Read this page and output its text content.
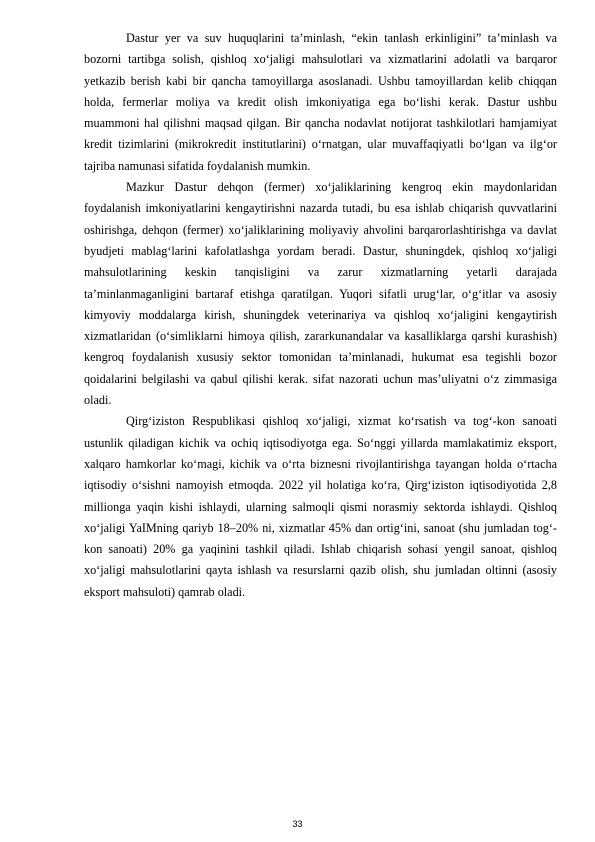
Dastur yer va suv huquqlarini ta’minlash, “ekin tanlash erkinligini” ta’minlash va bozorni tartibga solish, qishloq xo‘jaligi mahsulotlari va xizmatlarini adolatli va barqaror yetkazib berish kabi bir qancha tamoyillarga asoslanadi. Ushbu tamoyillardan kelib chiqqan holda, fermerlar moliya va kredit olish imkoniyatiga ega bo‘lishi kerak. Dastur ushbu muammoni hal qilishni maqsad qilgan. Bir qancha nodavlat notijorat tashkilotlari hamjamiyat kredit tizimlarini (mikrokredit institutlarini) o‘rnatgan, ular muvaffaqiyatli bo‘lgan va ilg‘or tajriba namunasi sifatida foydalanish mumkin.

Mazkur Dastur dehqon (fermer) xo‘jaliklarining kengroq ekin maydonlaridan foydalanish imkoniyatlarini kengaytirishni nazarda tutadi, bu esa ishlab chiqarish quvvatlarini oshirishga, dehqon (fermer) xo‘jaliklarining moliyaviy ahvolini barqarorlashtirishga va davlat byudjeti mablag‘larini kafolatlashga yordam beradi. Dastur, shuningdek, qishloq xo‘jaligi mahsulotlarining keskin tanqisligini va zarur xizmatlarning yetarli darajada ta’minlanmaganligini bartaraf etishga qaratilgan. Yuqori sifatli urug‘lar, o‘g‘itlar va asosiy kimyoviy moddalarga kirish, shuningdek veterinariya va qishloq xo‘jaligini kengaytirish xizmatlaridan (o‘simliklarni himoya qilish, zararkunandalar va kasalliklarga qarshi kurashish) kengroq foydalanish xususiy sektor tomonidan ta’minlanadi, hukumat esa tegishli bozor qoidalarini belgilashi va qabul qilishi kerak. sifat nazorati uchun mas’uliyatni o‘z zimmasiga oladi.

Qirg‘iziston Respublikasi qishloq xo‘jaligi, xizmat ko‘rsatish va tog‘-kon sanoati ustunlik qiladigan kichik va ochiq iqtisodiyotga ega. So‘nggi yillarda mamlakatimiz eksport, xalqaro hamkorlar ko‘magi, kichik va o‘rta biznesni rivojlantirishga tayangan holda o‘rtacha iqtisodiy o‘sishni namoyish etmoqda. 2022 yil holatiga ko‘ra, Qirg‘iziston iqtisodiyotida 2,8 millionga yaqin kishi ishlaydi, ularning salmoqli qismi norasmiy sektorda ishlaydi. Qishloq xo‘jaligi YaIMning qariyb 18–20% ni, xizmatlar 45% dan ortig‘ini, sanoat (shu jumladan tog‘-kon sanoati) 20% ga yaqinini tashkil qiladi. Ishlab chiqarish sohasi yengil sanoat, qishloq xo‘jaligi mahsulotlarini qayta ishlash va resurslarni qazib olish, shu jumladan oltinni (asosiy eksport mahsuloti) qamrab oladi.

33
